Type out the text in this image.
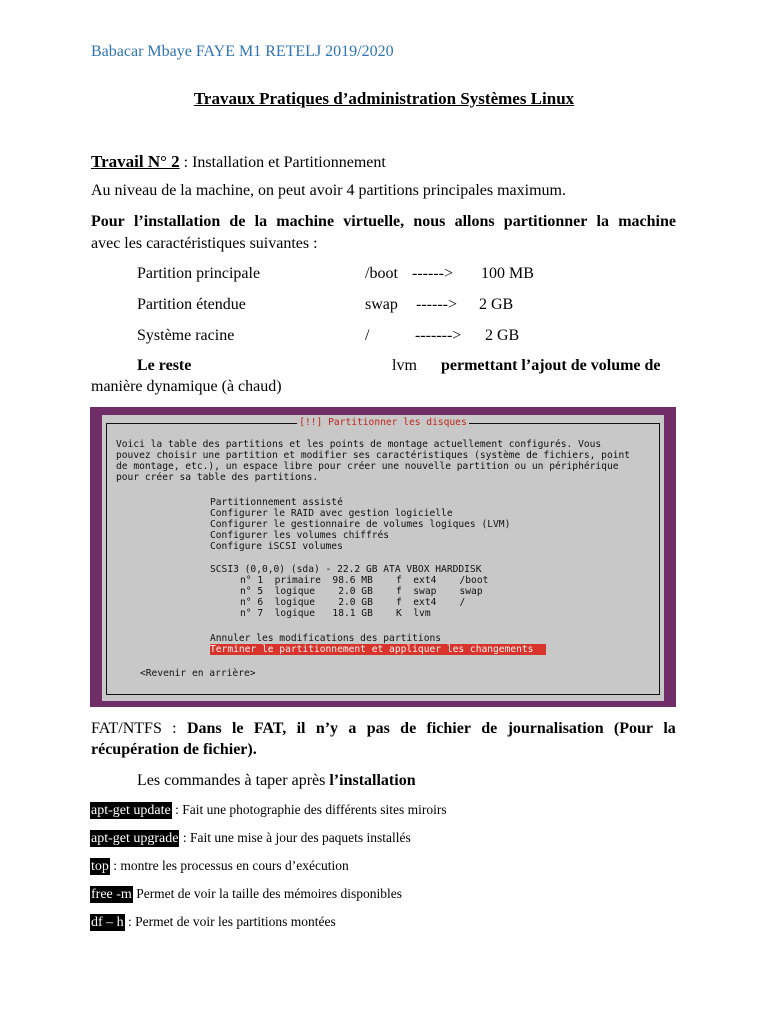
Babacar Mbaye FAYE M1 RETELJ 2019/2020
Travaux Pratiques d’administration Systèmes Linux
Travail N° 2 : Installation et Partitionnement
Au niveau de la machine, on peut avoir 4 partitions principales maximum.
Pour l’installation de la machine virtuelle, nous allons partitionner la machine
avec les caractéristiques suivantes :
Partition principale	/boot ------> 100 MB
Partition étendue	swap ------> 2 GB
Système racine	/	-------> 2 GB
Le reste	lvm permettant l’ajout de volume de
manière dynamique (à chaud)
[!!] Partitionner les disques
Voici la table des partitions et les points de montage actuellement configurés. Vous
pouvez choisir une partition et modifier ses caractéristiques (système de fichiers, point
de montage, etc.), un espace libre pour créer une nouvelle partition ou un périphérique
pour créer sa table des partitions.
Partitionnement assisté
Configurer le RAID avec gestion logicielle
Configurer le gestionnaire de volumes logiques (LVM)
Configurer les volumes chiffrés
Configure iSCSI volumes
SCSI3 (0,0,0) (sda) - 22.2 GB ATA VBOX HARDDISK
n° 1  primaire  98.6 MB    f  ext4    /boot
n° 5  logique    2.0 GB    f  swap    swap
n° 6  logique    2.0 GB    f  ext4    /
n° 7  logique   18.1 GB    K  lvm
Annuler les modifications des partitions
Terminer le partitionnement et appliquer les changements
<Revenir en arrière>
FAT/NTFS : Dans le FAT, il n’y a pas de fichier de journalisation (Pour la
récupération de fichier).
Les commandes à taper après l’installation
apt-get update : Fait une photographie des différents sites miroirs
apt-get upgrade : Fait une mise à jour des paquets installés
top : montre les processus en cours d’exécution
free -m Permet de voir la taille des mémoires disponibles
df – h : Permet de voir les partitions montées
